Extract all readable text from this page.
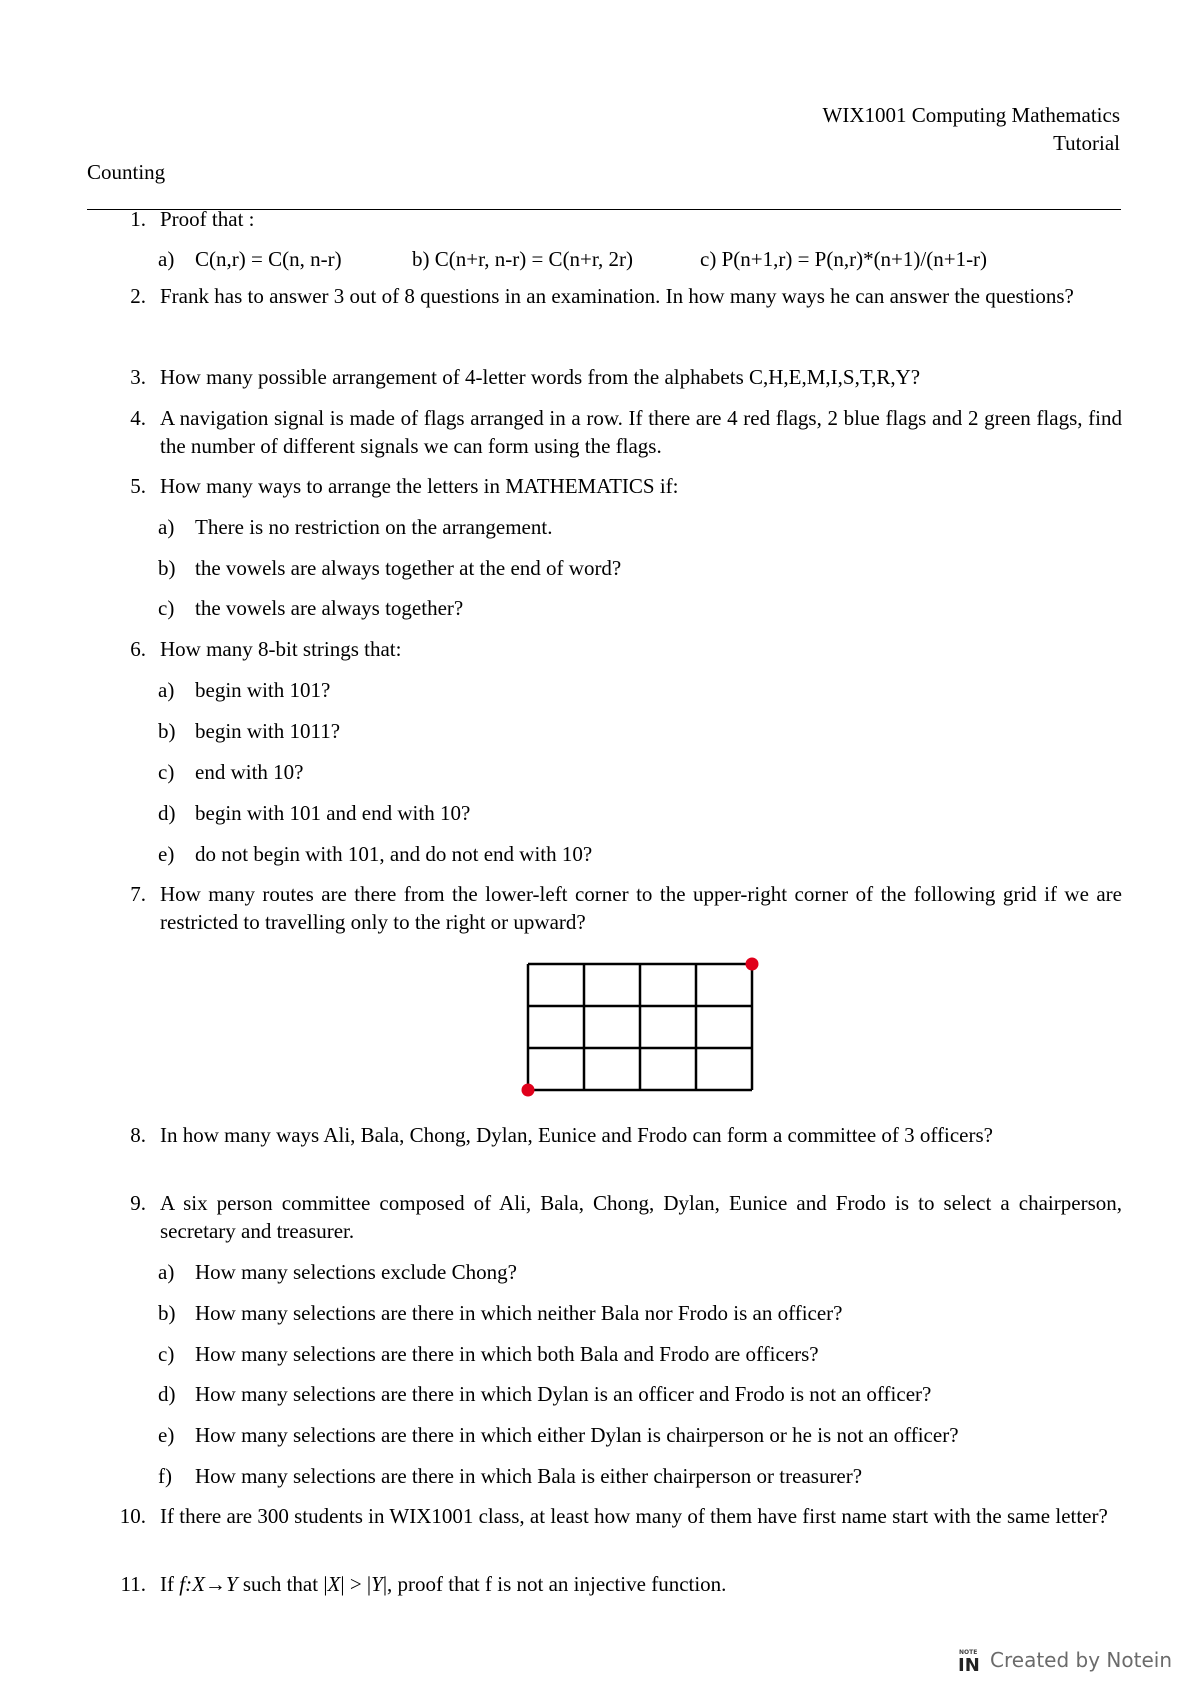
WIX1001 Computing Mathematics
Tutorial
Counting
1. Proof that :
a) C(n,r) = C(n, n-r)	b) C(n+r, n-r) = C(n+r, 2r)	c) P(n+1,r) = P(n,r)*(n+1)/(n+1-r)
2. Frank has to answer 3 out of 8 questions in an examination. In how many ways he can answer the questions?
3. How many possible arrangement of 4-letter words from the alphabets C,H,E,M,I,S,T,R,Y?
4. A navigation signal is made of flags arranged in a row. If there are 4 red flags, 2 blue flags and 2 green flags, find the number of different signals we can form using the flags.
5. How many ways to arrange the letters in MATHEMATICS if:
a) There is no restriction on the arrangement.
b) the vowels are always together at the end of word?
c) the vowels are always together?
6. How many 8-bit strings that:
a) begin with 101?
b) begin with 1011?
c) end with 10?
d) begin with 101 and end with 10?
e) do not begin with 101, and do not end with 10?
7. How many routes are there from the lower-left corner to the upper-right corner of the following grid if we are restricted to travelling only to the right or upward?
8. In how many ways Ali, Bala, Chong, Dylan, Eunice and Frodo can form a committee of 3 officers?
9. A six person committee composed of Ali, Bala, Chong, Dylan, Eunice and Frodo is to select a chairperson, secretary and treasurer.
a) How many selections exclude Chong?
b) How many selections are there in which neither Bala nor Frodo is an officer?
c) How many selections are there in which both Bala and Frodo are officers?
d) How many selections are there in which Dylan is an officer and Frodo is not an officer?
e) How many selections are there in which either Dylan is chairperson or he is not an officer?
f) How many selections are there in which Bala is either chairperson or treasurer?
10. If there are 300 students in WIX1001 class, at least how many of them have first name start with the same letter?
11. If f:X→Y such that |X| > |Y|, proof that f is not an injective function.
NOTE
IN Created by Notein
